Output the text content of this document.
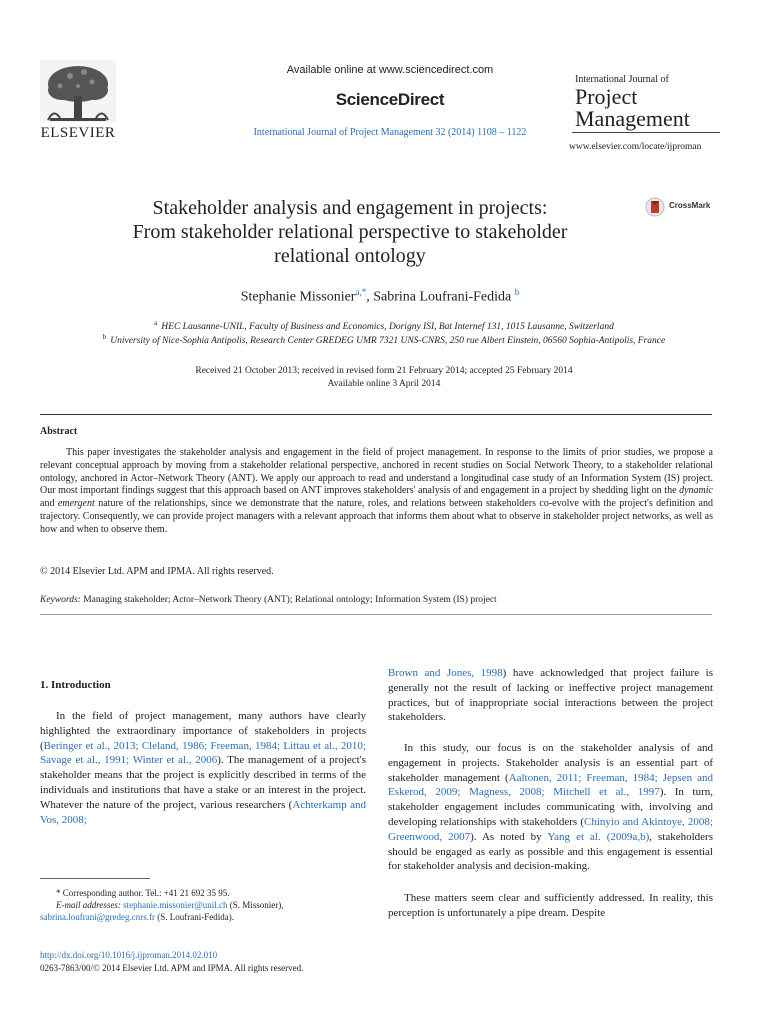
ELSEVIER
Available online at www.sciencedirect.com
ScienceDirect
International Journal of Project Management 32 (2014) 1108 – 1122
International Journal of
Project
Management
www.elsevier.com/locate/ijproman
Stakeholder analysis and engagement in projects:
From stakeholder relational perspective to stakeholder
relational ontology
CrossMark
Stephanie Missonier$^{a,*}$, Sabrina Loufrani-Fedida $^b$
$^a$ HEC Lausanne-UNIL, Faculty of Business and Economics, Dorigny ISI, Bat Internef 131, 1015 Lausanne, Switzerland
$^b$ University of Nice-Sophia Antipolis, Research Center GREDEG UMR 7321 UNS-CNRS, 250 rue Albert Einstein, 06560 Sophia-Antipolis, France
Received 21 October 2013; received in revised form 21 February 2014; accepted 25 February 2014
Available online 3 April 2014
Abstract

This paper investigates the stakeholder analysis and engagement in the field of project management. In response to the limits of prior studies, we propose a relevant conceptual approach by moving from a stakeholder relational perspective, anchored in recent studies on Social Network Theory, to a stakeholder relational ontology, anchored in Actor–Network Theory (ANT). We apply our approach to read and understand a longitudinal case study of an Information System (IS) project. Our most important findings suggest that this approach based on ANT improves stakeholders' analysis of and engagement in a project by shedding light on the dynamic and emergent nature of the relationships, since we demonstrate that the nature, roles, and relations between stakeholders co-evolve with the project's definition and trajectory. Consequently, we can provide project managers with a relevant approach that informs them about what to observe in stakeholder project networks, as well as how and when to observe them.

© 2014 Elsevier Ltd. APM and IPMA. All rights reserved.
Keywords: Managing stakeholder; Actor–Network Theory (ANT); Relational ontology; Information System (IS) project
1. Introduction

In the field of project management, many authors have clearly highlighted the extraordinary importance of stakeholders in projects (Beringer et al., 2013; Cleland, 1986; Freeman, 1984; Littau et al., 2010; Savage et al., 1991; Winter et al., 2006). The management of a project's stakeholder means that the project is explicitly described in terms of the individuals and institutions that have a stake or an interest in the project. Whatever the nature of the project, various researchers (Achterkamp and Vos, 2008;

* Corresponding author. Tel.: +41 21 692 35 95.
E-mail addresses: stephanie.missonier@unil.ch (S. Missonier),
sabrina.loufrani@gredeg.cnrs.fr (S. Loufrani-Fedida).

http://dx.doi.org/10.1016/j.ijproman.2014.02.010
0263-7863/00/© 2014 Elsevier Ltd. APM and IPMA. All rights reserved.

Brown and Jones, 1998) have acknowledged that project failure is generally not the result of lacking or ineffective project management practices, but of inappropriate social interactions between the project stakeholders.

In this study, our focus is on the stakeholder analysis of and engagement in projects. Stakeholder analysis is an essential part of stakeholder management (Aaltonen, 2011; Freeman, 1984; Jepsen and Eskerod, 2009; Magness, 2008; Mitchell et al., 1997). In turn, stakeholder engagement includes communicating with, involving and developing relationships with stakeholders (Chinyio and Akintoye, 2008; Greenwood, 2007). As noted by Yang et al. (2009a,b), stakeholders should be engaged as early as possible and this engagement is essential for stakeholder analysis and decision-making.

These matters seem clear and sufficiently addressed. In reality, this perception is unfortunately a pipe dream. Despite
